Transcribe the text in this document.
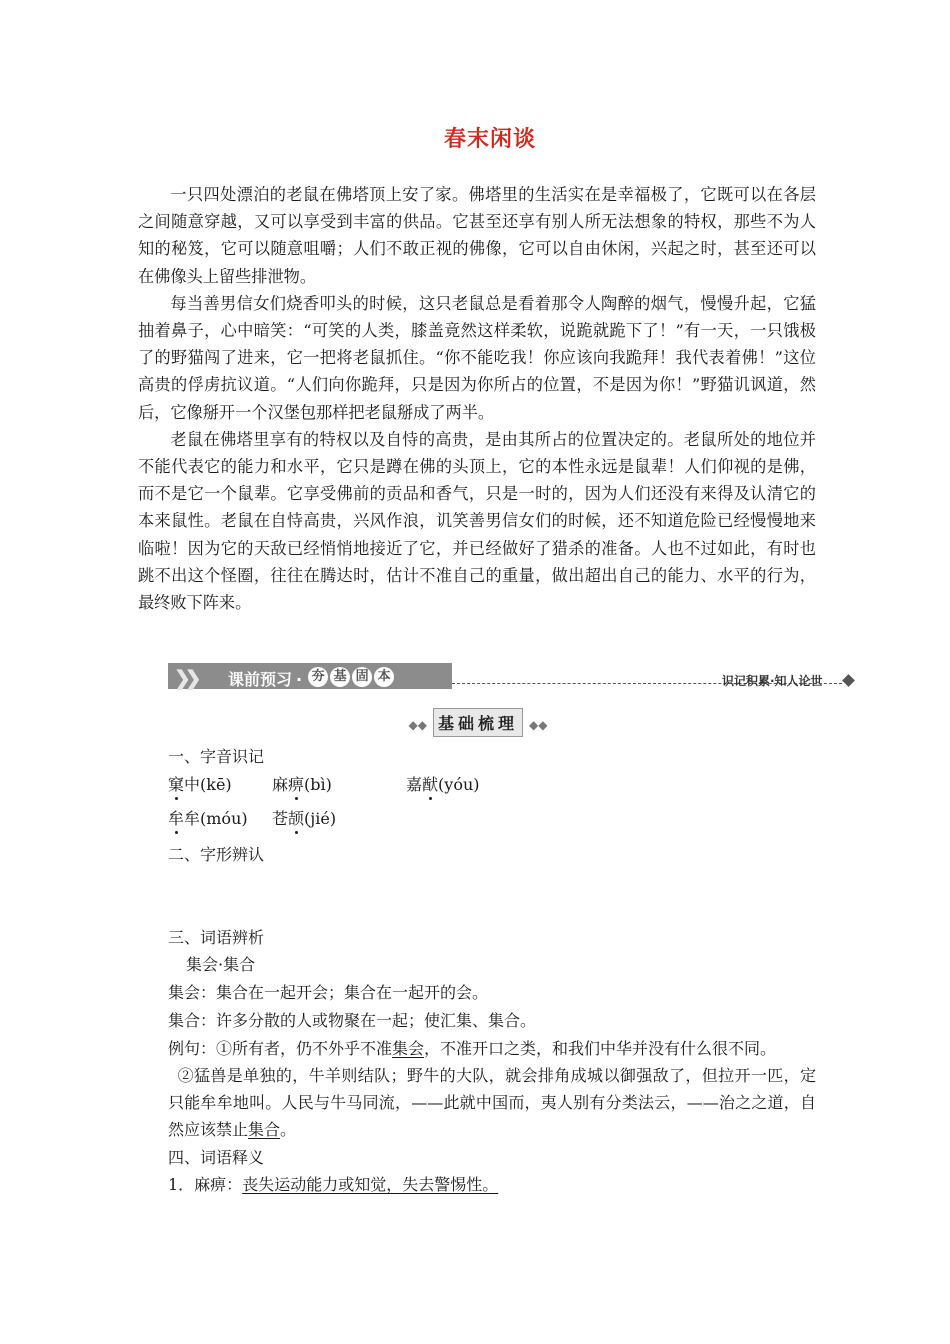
春末闲谈

一只四处漂泊的老鼠在佛塔顶上安了家。佛塔里的生活实在是幸福极了，它既可以在各层之间随意穿越，又可以享受到丰富的供品。它甚至还享有别人所无法想象的特权，那些不为人知的秘笈，它可以随意咀嚼；人们不敢正视的佛像，它可以自由休闲，兴起之时，甚至还可以在佛像头上留些排泄物。

每当善男信女们烧香叩头的时候，这只老鼠总是看着那令人陶醉的烟气，慢慢升起，它猛抽着鼻子，心中暗笑：“可笑的人类，膝盖竟然这样柔软，说跪就跪下了！”有一天，一只饿极了的野猫闯了进来，它一把将老鼠抓住。“你不能吃我！你应该向我跪拜！我代表着佛！”这位高贵的俘虏抗议道。“人们向你跪拜，只是因为你所占的位置，不是因为你！”野猫讥讽道，然后，它像掰开一个汉堡包那样把老鼠掰成了两半。

老鼠在佛塔里享有的特权以及自恃的高贵，是由其所占的位置决定的。老鼠所处的地位并不能代表它的能力和水平，它只是蹲在佛的头顶上，它的本性永远是鼠辈！人们仰视的是佛，而不是它一个鼠辈。它享受佛前的贡品和香气，只是一时的，因为人们还没有来得及认清它的本来鼠性。老鼠在自恃高贵，兴风作浪，讥笑善男信女们的时候，还不知道危险已经慢慢地来临啦！因为它的天敌已经悄悄地接近了它，并已经做好了猎杀的准备。人也不过如此，有时也跳不出这个怪圈，往往在腾达时，估计不准自己的重量，做出超出自己的能力、水平的行为，最终败下阵来。

❯❯ 课前预习 · 夯 基 固 本	识记积累·知人论世
◆◆ 基础梳理 ◆◆
一、字音识记
窠中(kē)	麻痹(bì)	嘉猷(yóu)
牟牟(móu) 苍颉(jié)
二、字形辨认
三、词语辨析
集会·集合
集会：集合在一起开会；集合在一起开的会。
集合：许多分散的人或物聚在一起；使汇集、集合。
例句：①所有者，仍不外乎不准集会，不准开口之类，和我们中华并没有什么很不同。
②猛兽是单独的，牛羊则结队；野牛的大队，就会排角成城以御强敌了，但拉开一匹，定只能牟牟地叫。人民与牛马同流，——此就中国而，夷人别有分类法云，——治之之道，自然应该禁止集合。
四、词语释义
1．麻痹：丧失运动能力或知觉，失去警惕性。
